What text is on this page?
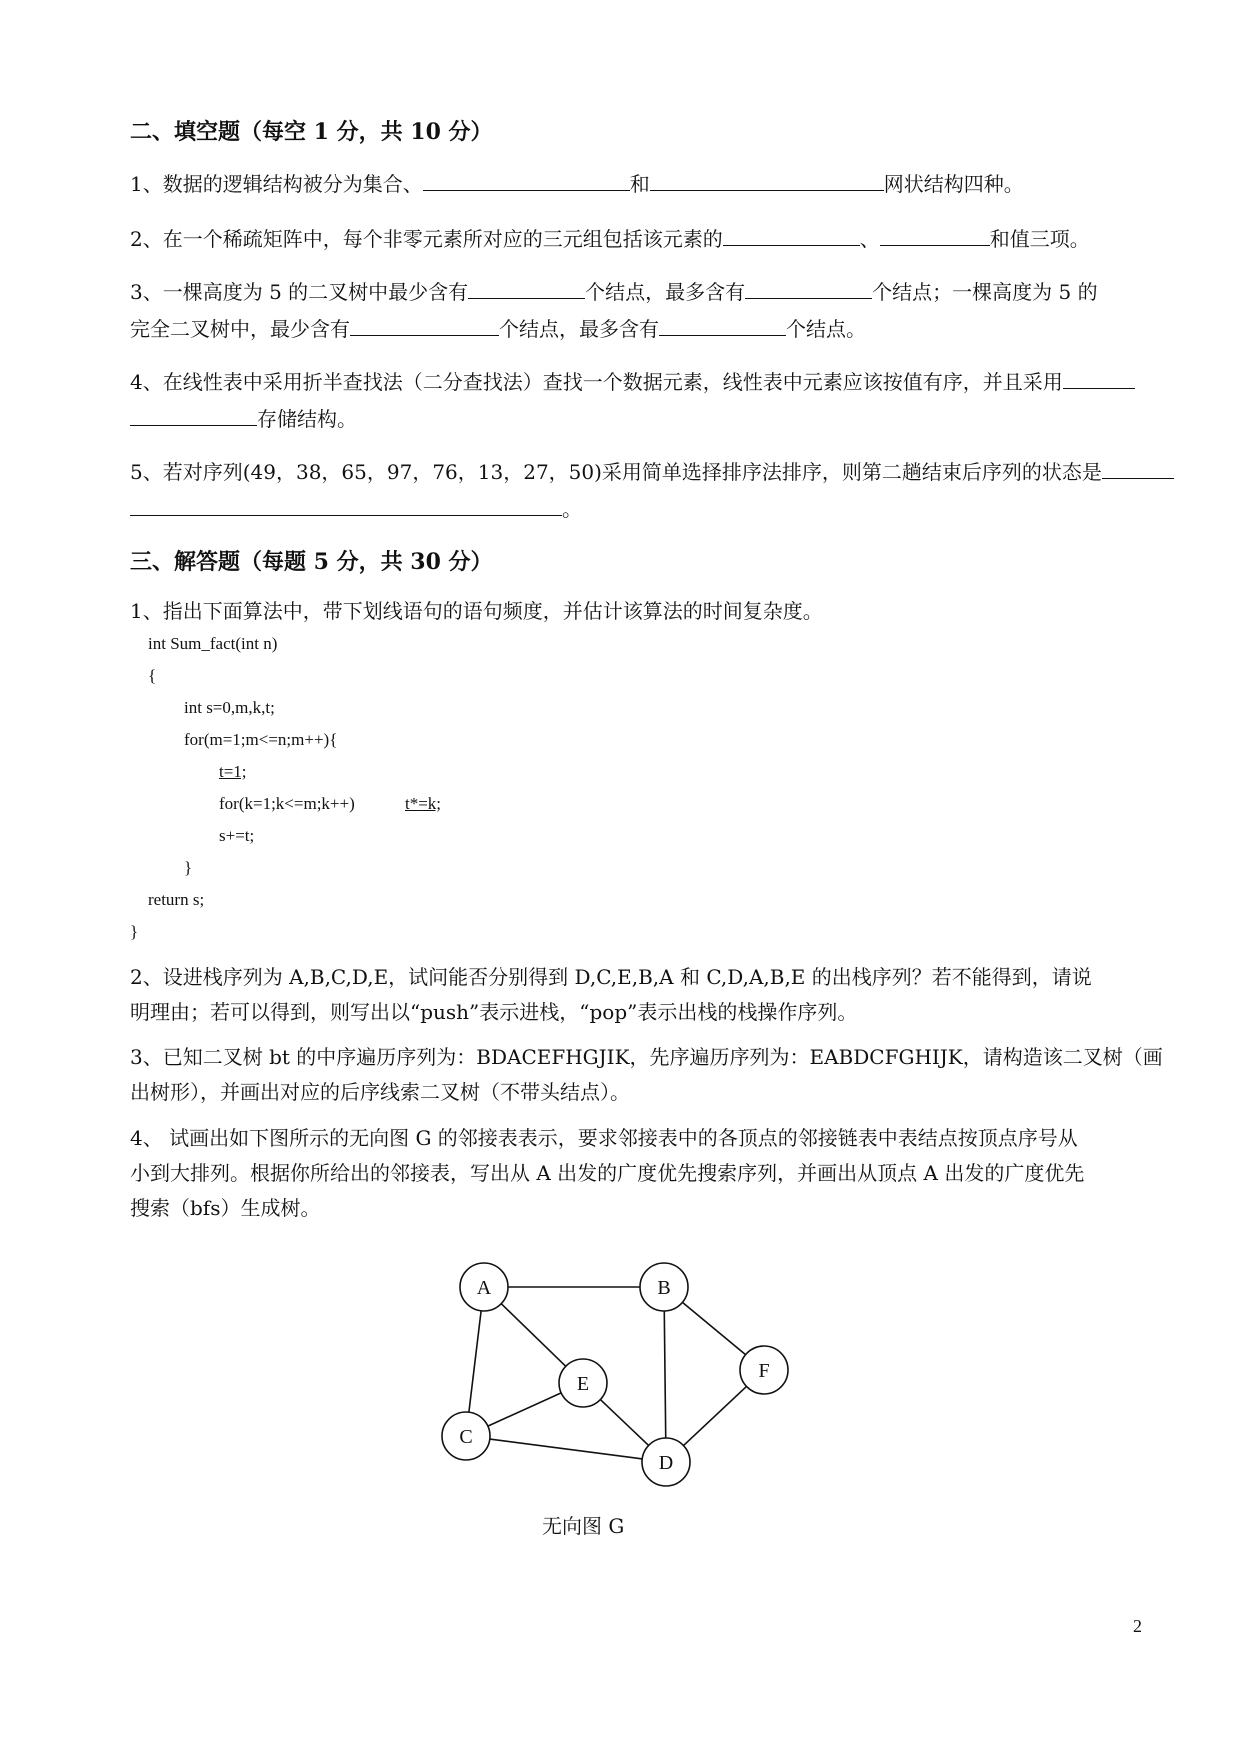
二、填空题（每空 1 分，共 10 分）
1、数据的逻辑结构被分为集合、	和	网状结构四种。
2、在一个稀疏矩阵中，每个非零元素所对应的三元组包括该元素的	、	和值三项。
3、一棵高度为 5 的二叉树中最少含有	个结点，最多含有	个结点；一棵高度为 5 的
完全二叉树中，最少含有	个结点，最多含有	个结点。
4、在线性表中采用折半查找法（二分查找法）查找一个数据元素，线性表中元素应该按值有序，并且采用
存储结构。
5、若对序列(49，38，65，97，76，13，27，50)采用简单选择排序法排序，则第二趟结束后序列的状态是
。
三、解答题（每题 5 分，共 30 分）
1、指出下面算法中，带下划线语句的语句频度，并估计该算法的时间复杂度。
int Sum_fact(int n)
{
int s=0,m,k,t;
for(m=1;m<=n;m++){
t=1;
for(k=1;k<=m;k++)	t*=k;
s+=t;
}
return s;
}
2、设进栈序列为 A,B,C,D,E，试问能否分别得到 D,C,E,B,A 和 C,D,A,B,E 的出栈序列？若不能得到，请说
明理由；若可以得到，则写出以“push”表示进栈，“pop”表示出栈的栈操作序列。
3、已知二叉树 bt 的中序遍历序列为：BDACEFHGJIK，先序遍历序列为：EABDCFGHIJK，请构造该二叉树（画
出树形），并画出对应的后序线索二叉树（不带头结点）。
4、 试画出如下图所示的无向图 G 的邻接表表示，要求邻接表中的各顶点的邻接链表中表结点按顶点序号从
小到大排列。根据你所给出的邻接表，写出从 A 出发的广度优先搜索序列，并画出从顶点 A 出发的广度优先
搜索（bfs）生成树。
A	B
C
D
E
F
无向图 G
2
